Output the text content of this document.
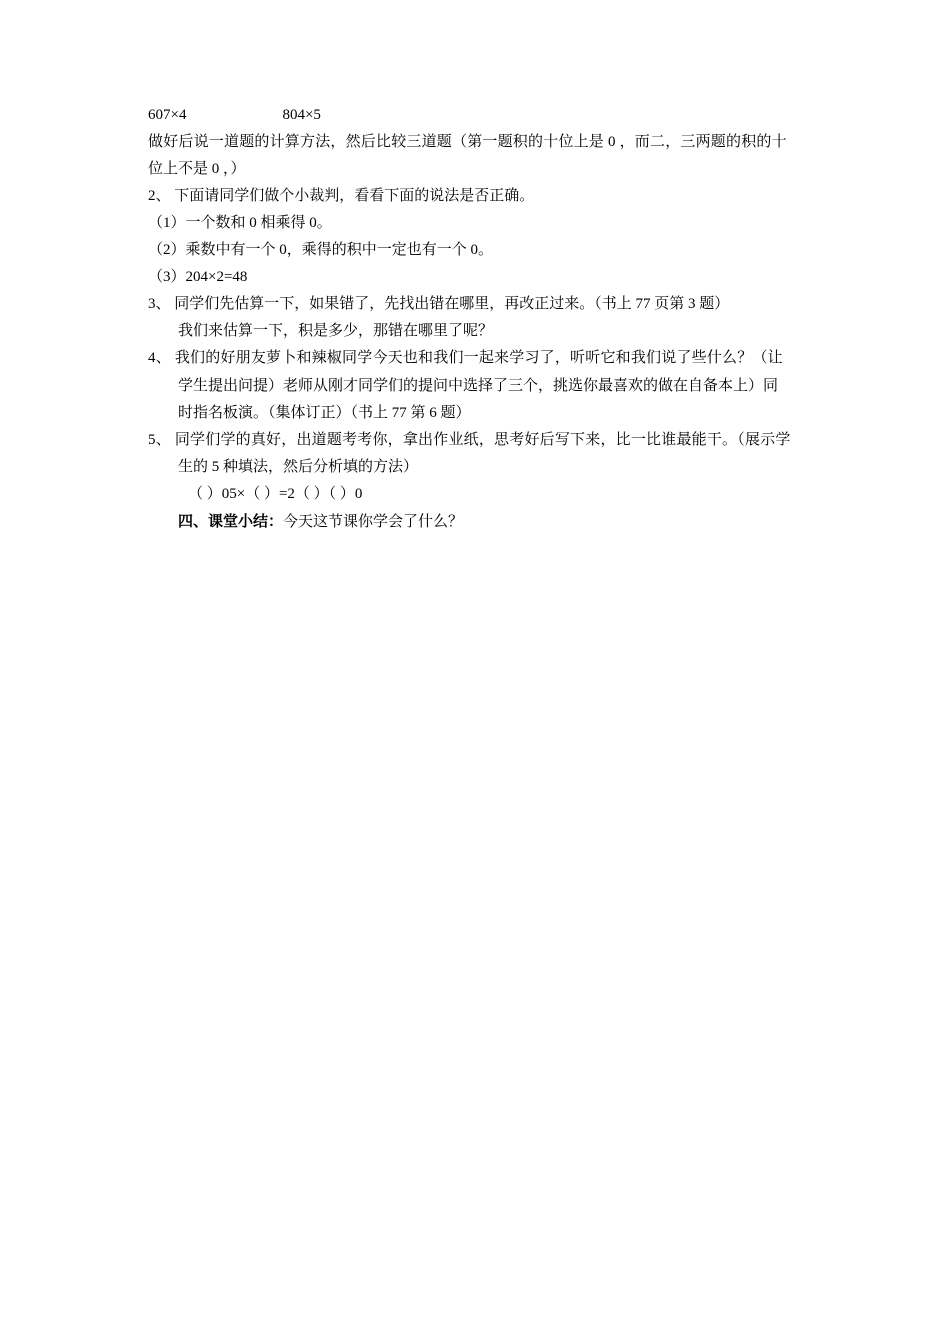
607×4	804×5
做好后说一道题的计算方法，然后比较三道题（第一题积的十位上是 0 ，而二，三两题的积的十
位上不是 0 ，）
2、 下面请同学们做个小裁判，看看下面的说法是否正确。
（1）一个数和 0 相乘得 0。
（2）乘数中有一个 0，乘得的积中一定也有一个 0。
（3）204×2=48
3、 同学们先估算一下，如果错了，先找出错在哪里，再改正过来。（书上 77 页第 3 题）
我们来估算一下，积是多少，那错在哪里了呢？
4、 我们的好朋友萝卜和辣椒同学今天也和我们一起来学习了，听听它和我们说了些什么？（让
学生提出问提）老师从刚才同学们的提问中选择了三个，挑选你最喜欢的做在自备本上）同
时指名板演。（集体订正）（书上 77 第 6 题）
5、 同学们学的真好，出道题考考你，拿出作业纸，思考好后写下来，比一比谁最能干。（展示学
生的 5 种填法，然后分析填的方法）
（ ）05×（ ）=2（ ）（ ）0
四、课堂小结：今天这节课你学会了什么？
